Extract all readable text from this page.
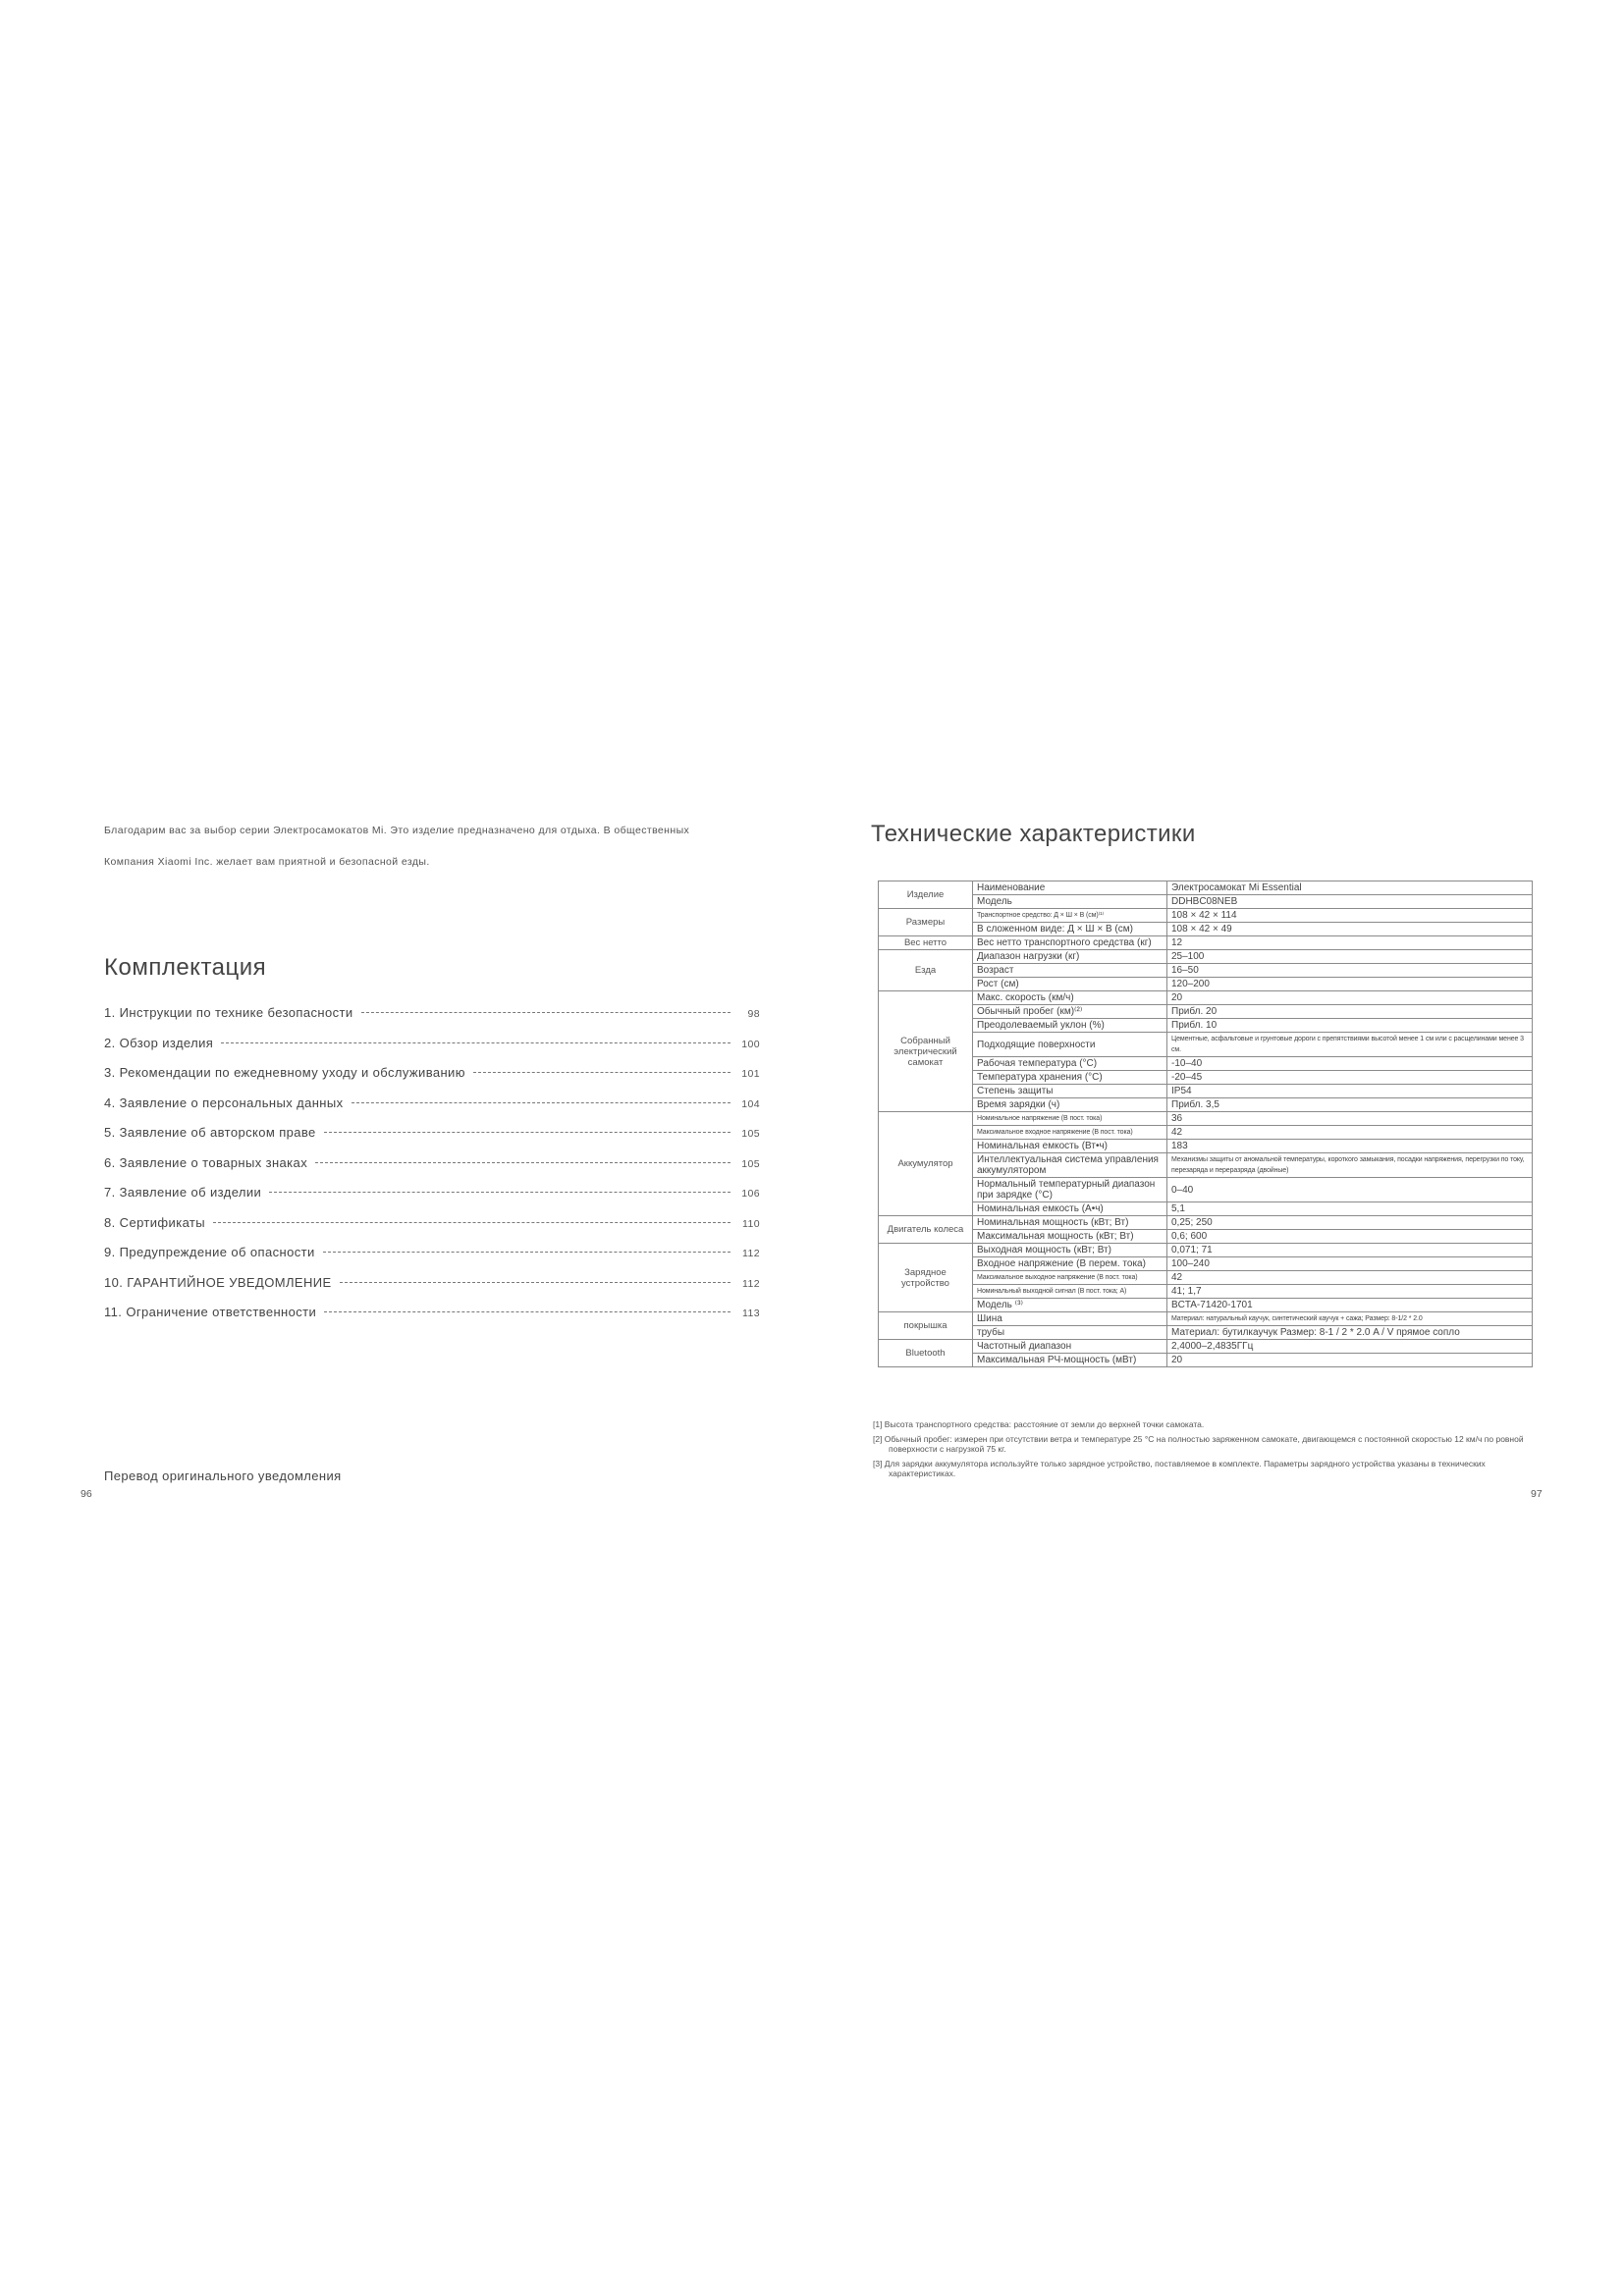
Благодарим вас за выбор серии Электросамокатов Mi. Это изделие предназначено для отдыха. В общественных
Компания Xiaomi Inc. желает вам приятной и безопасной езды.
Комплектация
1. Инструкции по технике безопасности	98
2. Обзор изделия	100
3. Рекомендации по ежедневному уходу и обслуживанию	101
4. Заявление о персональных данных	104
5. Заявление об авторском праве	105
6. Заявление о товарных знаках	105
7. Заявление об изделии	106
8. Сертификаты	110
9. Предупреждение об опасности	112
10. ГАРАНТИЙНОЕ УВЕДОМЛЕНИЕ	112
11. Ограничение ответственности	113
Перевод оригинального уведомления
96
Технические характеристики
Изделие	Наименование	Электросамокат Mi Essential
	Модель	DDHBC08NEB
Размеры	Транспортное средство: Д × Ш × В (см)⁽¹⁾	108 × 42 × 114
	В сложенном виде: Д × Ш × В (см)	108 × 42 × 49
Вес нетто	Вес нетто транспортного средства (кг)	12
Езда	Диапазон нагрузки (кг)	25–100
	Возраст	16–50
	Рост (см)	120–200
Собранный электрический самокат	Макс. скорость (км/ч)	20
	Обычный пробег (км)⁽²⁾	Прибл. 20
	Преодолеваемый уклон (%)	Прибл. 10
	Подходящие поверхности	Цементные, асфальтовые и грунтовые дороги с препятствиями высотой менее 1 см или с расщелинами менее 3 см.
	Рабочая температура (°C)	-10–40
	Температура хранения (°C)	-20–45
	Степень защиты	IP54
	Время зарядки (ч)	Прибл. 3,5
Аккумулятор	Номинальное напряжение (В пост. тока)	36
	Максимальное входное напряжение (В пост. тока)	42
	Номинальная емкость (Вт•ч)	183
	Интеллектуальная система управления аккумулятором	Механизмы защиты от аномальной температуры, короткого замыкания, посадки напряжения, перегрузки по току, перезаряда и переразряда (двойные)
	Нормальный температурный диапазон при зарядке (°C)	0–40
	Номинальная емкость (А•ч)	5,1
Двигатель колеса	Номинальная мощность (кВт; Вт)	0,25; 250
	Максимальная мощность (кВт; Вт)	0,6; 600
Зарядное устройство	Выходная мощность (кВт; Вт)	0,071; 71
	Входное напряжение (В перем. тока)	100–240
	Максимальное выходное напряжение (В пост. тока)	42
	Номинальный выходной сигнал (В пост. тока; А)	41; 1,7
	Модель ⁽³⁾	BCTA-71420-1701
покрышка	Шина	Материал: натуральный каучук, синтетический каучук + сажа; Размер: 8-1/2 * 2.0
	трубы	Материал: бутилкаучук Размер: 8-1 / 2 * 2.0 A / V прямое сопло
Bluetooth	Частотный диапазон	2,4000–2,4835ГГц
	Максимальная РЧ-мощность (мВт)	20
[1] Высота транспортного средства: расстояние от земли до верхней точки самоката.
[2] Обычный пробег: измерен при отсутствии ветра и температуре 25 °C на полностью заряженном самокате, двигающемся с постоянной скоростью 12 км/ч по ровной поверхности с нагрузкой 75 кг.
[3] Для зарядки аккумулятора используйте только зарядное устройство, поставляемое в комплекте. Параметры зарядного устройства указаны в технических характеристиках.
97
